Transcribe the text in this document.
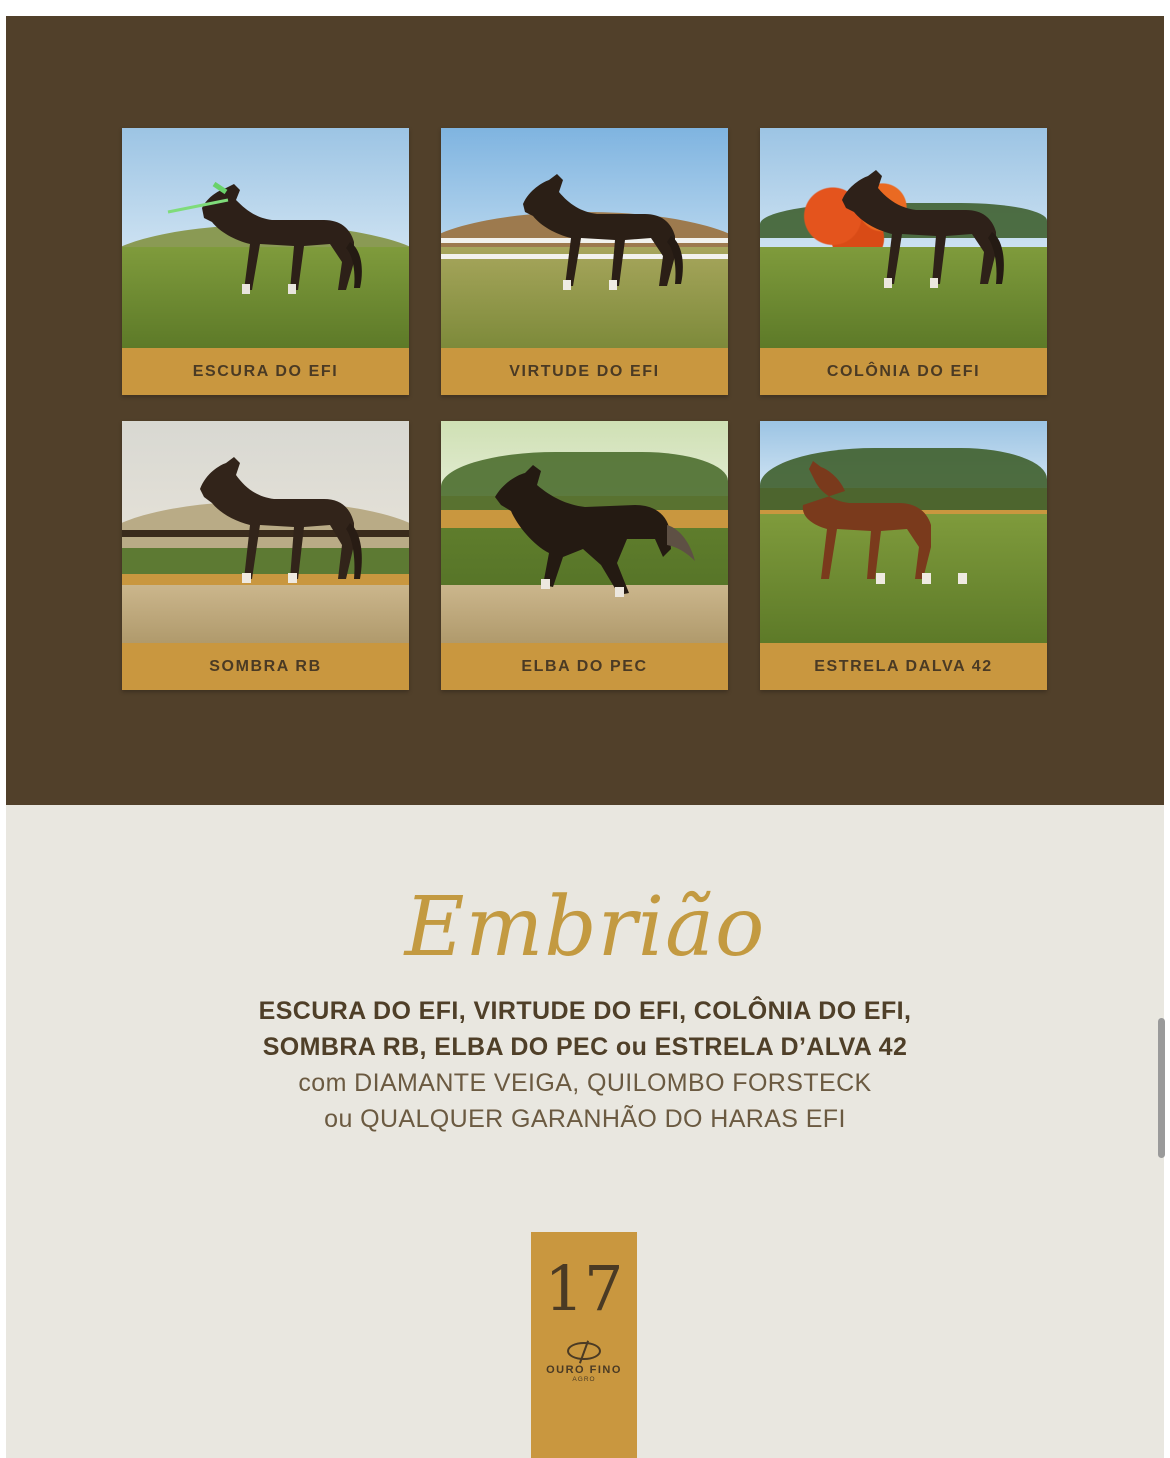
ESCURA DO EFI	VIRTUDE DO EFI	COLÔNIA DO EFI
SOMBRA RB	ELBA DO PEC	ESTRELA DALVA 42
Embrião
ESCURA DO EFI, VIRTUDE DO EFI, COLÔNIA DO EFI,
SOMBRA RB, ELBA DO PEC ou ESTRELA D’ALVA 42
com DIAMANTE VEIGA, QUILOMBO FORSTECK
ou QUALQUER GARANHÃO DO HARAS EFI
17
OURO FINO
AGRO
